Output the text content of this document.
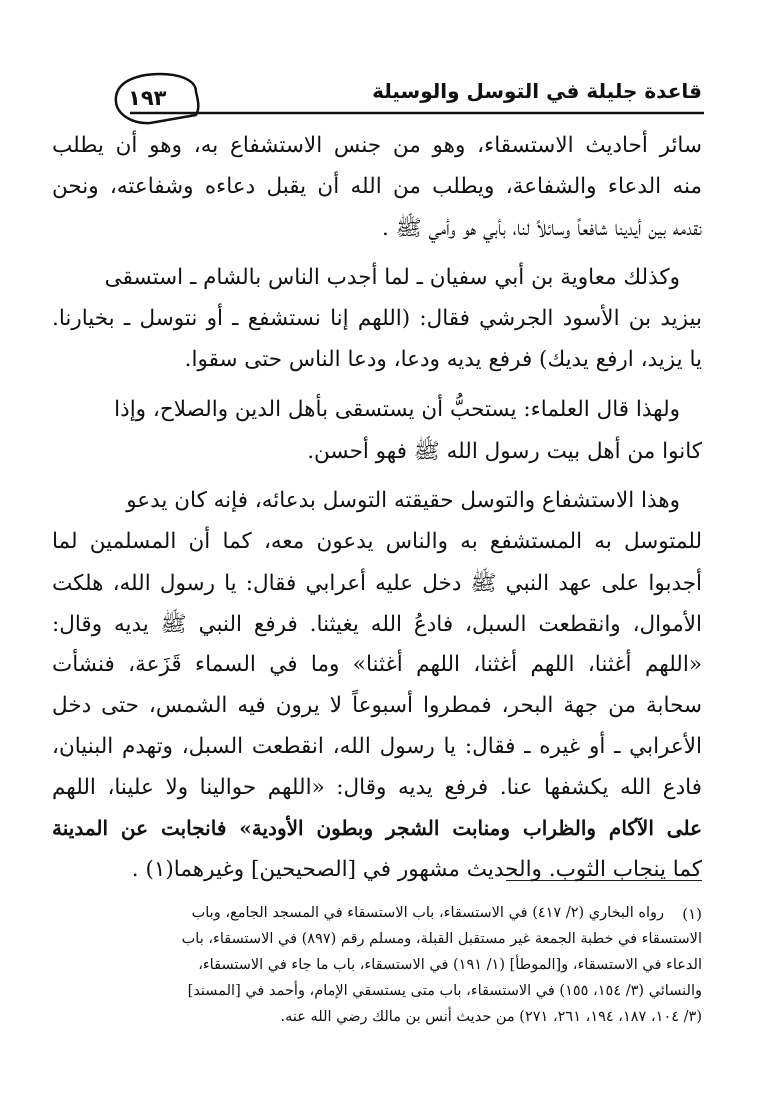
قاعدة جليلة في التوسل والوسيلة
١٩٣
سائر أحاديث الاستسقاء، وهو من جنس الاستشفاع به، وهو أن يطلب
منه الدعاء والشفاعة، ويطلب من الله أن يقبل دعاءه وشفاعته، ونحن
نقدمه بين أيدينا شافعاً وسائلاً لنا، بأبي هو وأمي ﷺ .
وكذلك معاوية بن أبي سفيان ـ لما أجدب الناس بالشام ـ استسقى
بيزيد بن الأسود الجرشي فقال: (اللهم إنا نستشفع ـ أو نتوسل ـ بخيارنا.
يا يزيد، ارفع يديك) فرفع يديه ودعا، ودعا الناس حتى سقوا.
ولهذا قال العلماء: يستحبُّ أن يستسقى بأهل الدين والصلاح، وإذا
كانوا من أهل بيت رسول الله ﷺ فهو أحسن.
وهذا الاستشفاع والتوسل حقيقته التوسل بدعائه، فإنه كان يدعو
للمتوسل به المستشفع به والناس يدعون معه، كما أن المسلمين لما
أجدبوا على عهد النبي ﷺ دخل عليه أعرابي فقال: يا رسول الله، هلكت
الأموال، وانقطعت السبل، فادعُ الله يغيثنا. فرفع النبي ﷺ يديه وقال:
«اللهم أغثنا، اللهم أغثنا، اللهم أغثنا» وما في السماء قَزَعة، فنشأت
سحابة من جهة البحر، فمطروا أسبوعاً لا يرون فيه الشمس، حتى دخل
الأعرابي ـ أو غيره ـ فقال: يا رسول الله، انقطعت السبل، وتهدم البنيان،
فادع الله يكشفها عنا. فرفع يديه وقال: «اللهم حوالينا ولا علينا، اللهم
على الآكام والظراب ومنابت الشجر وبطون الأودية» فانجابت عن المدينة
كما ينجاب الثوب. والحديث مشهور في [الصحيحين] وغيرهما(١) .
(١)
رواه البخاري (٢/ ٤١٧) في الاستسقاء، باب الاستسقاء في المسجد الجامع، وباب
الاستسقاء في خطبة الجمعة غير مستقبل القبلة، ومسلم رقم (٨٩٧) في الاستسقاء، باب
الدعاء في الاستسقاء، و[الموطأ] (١/ ١٩١) في الاستسقاء، باب ما جاء في الاستسقاء،
والنسائي (٣/ ١٥٤، ١٥٥) في الاستسقاء، باب متى يستسقي الإمام، وأحمد في [المسند]
(٣/ ١٠٤، ١٨٧، ١٩٤، ٢٦١، ٢٧١) من حديث أنس بن مالك رضي الله عنه.
